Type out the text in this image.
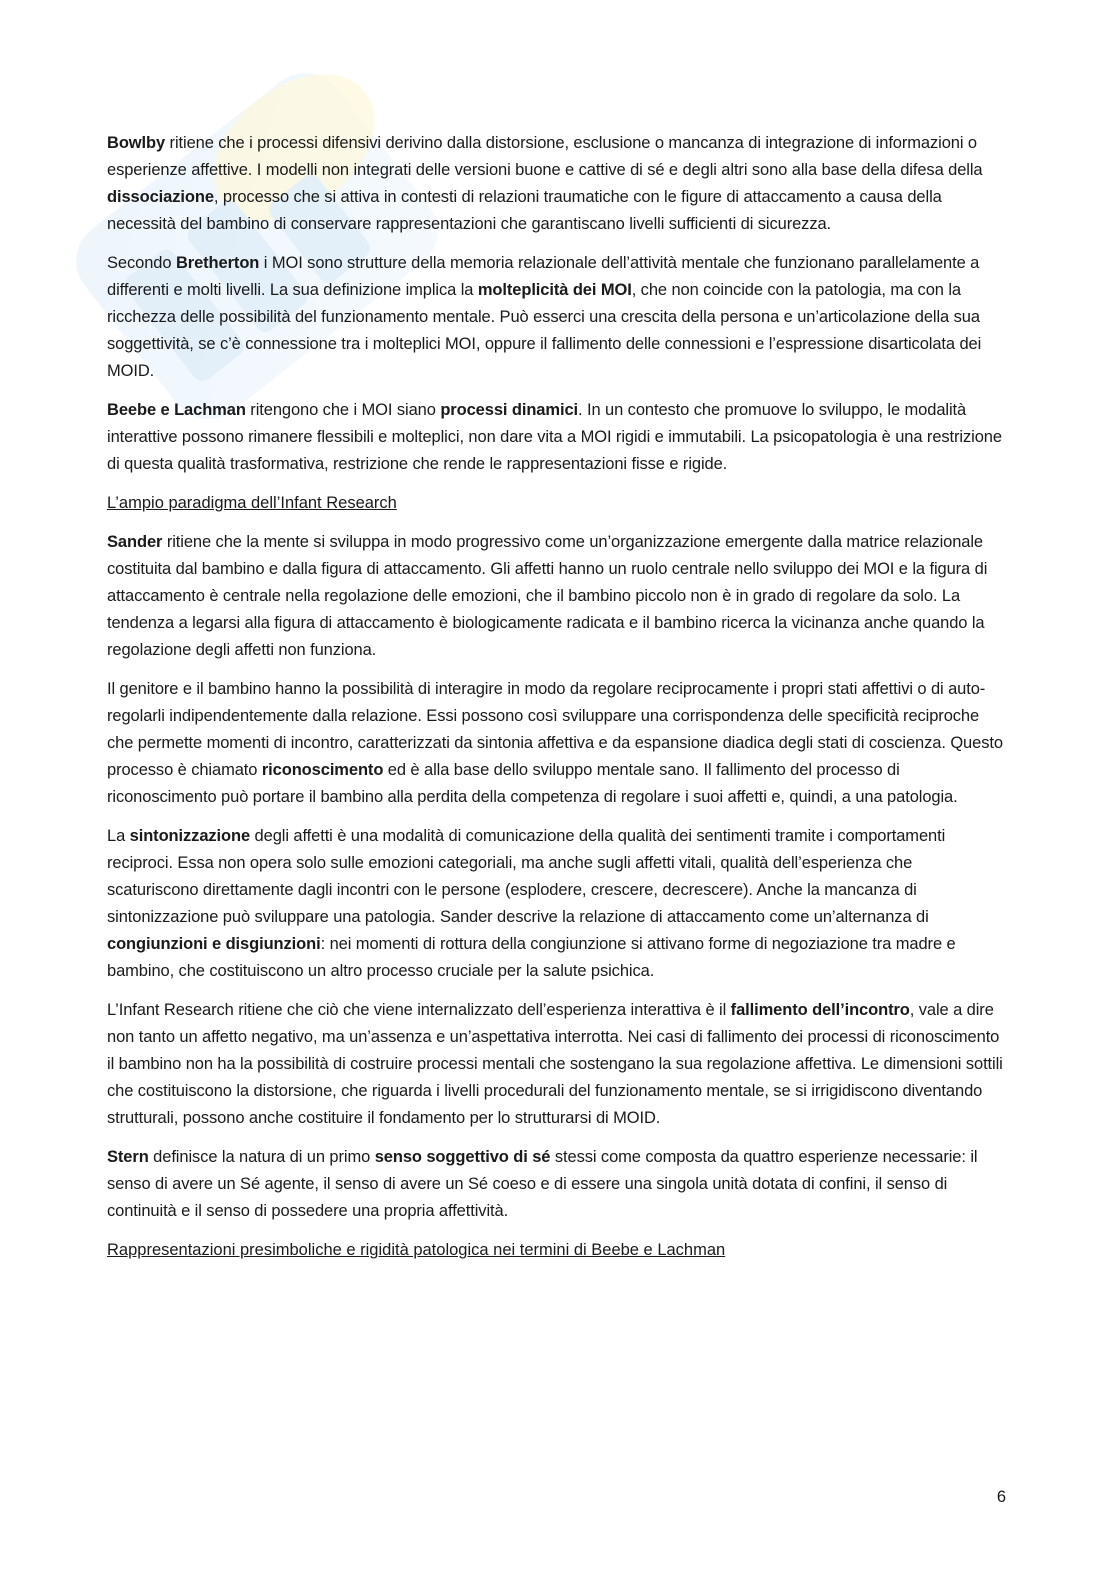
Bowlby ritiene che i processi difensivi derivino dalla distorsione, esclusione o mancanza di integrazione di informazioni o esperienze affettive. I modelli non integrati delle versioni buone e cattive di sé e degli altri sono alla base della difesa della dissociazione, processo che si attiva in contesti di relazioni traumatiche con le figure di attaccamento a causa della necessità del bambino di conservare rappresentazioni che garantiscano livelli sufficienti di sicurezza.

Secondo Bretherton i MOI sono strutture della memoria relazionale dell’attività mentale che funzionano parallelamente a differenti e molti livelli. La sua definizione implica la molteplicità dei MOI, che non coincide con la patologia, ma con la ricchezza delle possibilità del funzionamento mentale. Può esserci una crescita della persona e un’articolazione della sua soggettività, se c’è connessione tra i molteplici MOI, oppure il fallimento delle connessioni e l’espressione disarticolata dei MOID.

Beebe e Lachman ritengono che i MOI siano processi dinamici. In un contesto che promuove lo sviluppo, le modalità interattive possono rimanere flessibili e molteplici, non dare vita a MOI rigidi e immutabili. La psicopatologia è una restrizione di questa qualità trasformativa, restrizione che rende le rappresentazioni fisse e rigide.

L’ampio paradigma dell’Infant Research

Sander ritiene che la mente si sviluppa in modo progressivo come un’organizzazione emergente dalla matrice relazionale costituita dal bambino e dalla figura di attaccamento. Gli affetti hanno un ruolo centrale nello sviluppo dei MOI e la figura di attaccamento è centrale nella regolazione delle emozioni, che il bambino piccolo non è in grado di regolare da solo. La tendenza a legarsi alla figura di attaccamento è biologicamente radicata e il bambino ricerca la vicinanza anche quando la regolazione degli affetti non funziona.

Il genitore e il bambino hanno la possibilità di interagire in modo da regolare reciprocamente i propri stati affettivi o di auto-regolarli indipendentemente dalla relazione. Essi possono così sviluppare una corrispondenza delle specificità reciproche che permette momenti di incontro, caratterizzati da sintonia affettiva e da espansione diadica degli stati di coscienza. Questo processo è chiamato riconoscimento ed è alla base dello sviluppo mentale sano. Il fallimento del processo di riconoscimento può portare il bambino alla perdita della competenza di regolare i suoi affetti e, quindi, a una patologia.

La sintonizzazione degli affetti è una modalità di comunicazione della qualità dei sentimenti tramite i comportamenti reciproci. Essa non opera solo sulle emozioni categoriali, ma anche sugli affetti vitali, qualità dell’esperienza che scaturiscono direttamente dagli incontri con le persone (esplodere, crescere, decrescere). Anche la mancanza di sintonizzazione può sviluppare una patologia. Sander descrive la relazione di attaccamento come un’alternanza di congiunzioni e disgiunzioni: nei momenti di rottura della congiunzione si attivano forme di negoziazione tra madre e bambino, che costituiscono un altro processo cruciale per la salute psichica.

L’Infant Research ritiene che ciò che viene internalizzato dell’esperienza interattiva è il fallimento dell’incontro, vale a dire non tanto un affetto negativo, ma un’assenza e un’aspettativa interrotta. Nei casi di fallimento dei processi di riconoscimento il bambino non ha la possibilità di costruire processi mentali che sostengano la sua regolazione affettiva. Le dimensioni sottili che costituiscono la distorsione, che riguarda i livelli procedurali del funzionamento mentale, se si irrigidiscono diventando strutturali, possono anche costituire il fondamento per lo strutturarsi di MOID.

Stern definisce la natura di un primo senso soggettivo di sé stessi come composta da quattro esperienze necessarie: il senso di avere un Sé agente, il senso di avere un Sé coeso e di essere una singola unità dotata di confini, il senso di continuità e il senso di possedere una propria affettività.

Rappresentazioni presimboliche e rigidità patologica nei termini di Beebe e Lachman

6
